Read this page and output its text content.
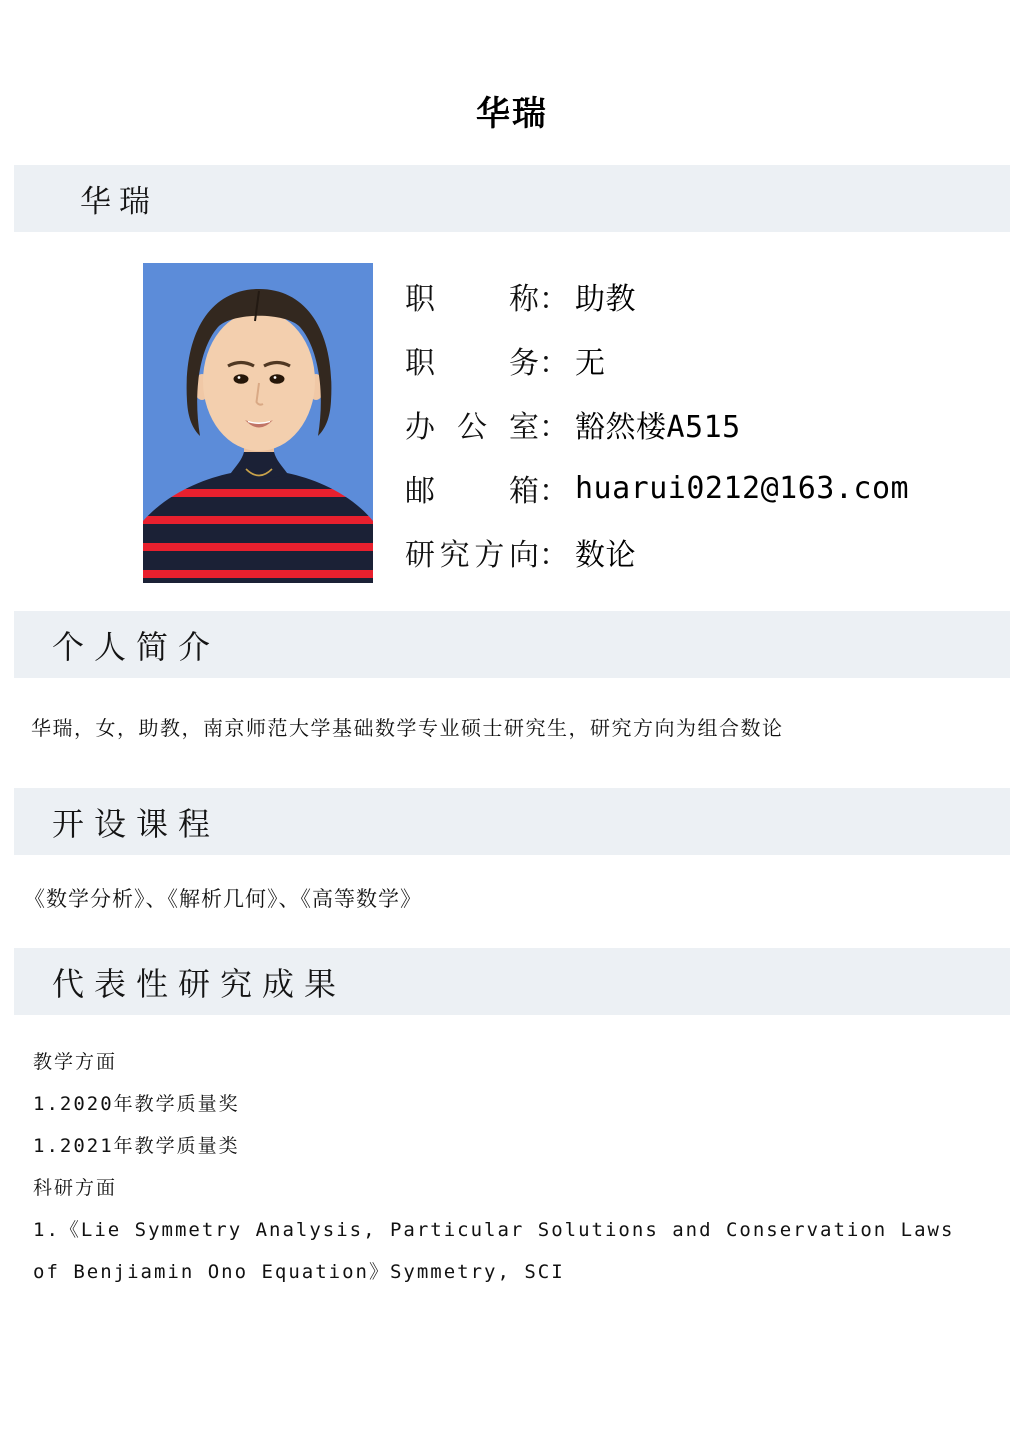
华瑞
华瑞
职称 ： 助教
职务 ： 无
办公室 ： 豁然楼A515
邮箱 ： huarui0212@163.com
研究方向 ： 数论
个人简介

华瑞，女，助教，南京师范大学基础数学专业硕士研究生，研究方向为组合数论

开设课程

《数学分析》、《解析几何》、《高等数学》

代表性研究成果
教学方面
1.2020年教学质量奖
1.2021年教学质量类
科研方面
1.《Lie Symmetry Analysis, Particular Solutions and Conservation Laws of Benjiamin Ono Equation》Symmetry, SCI
